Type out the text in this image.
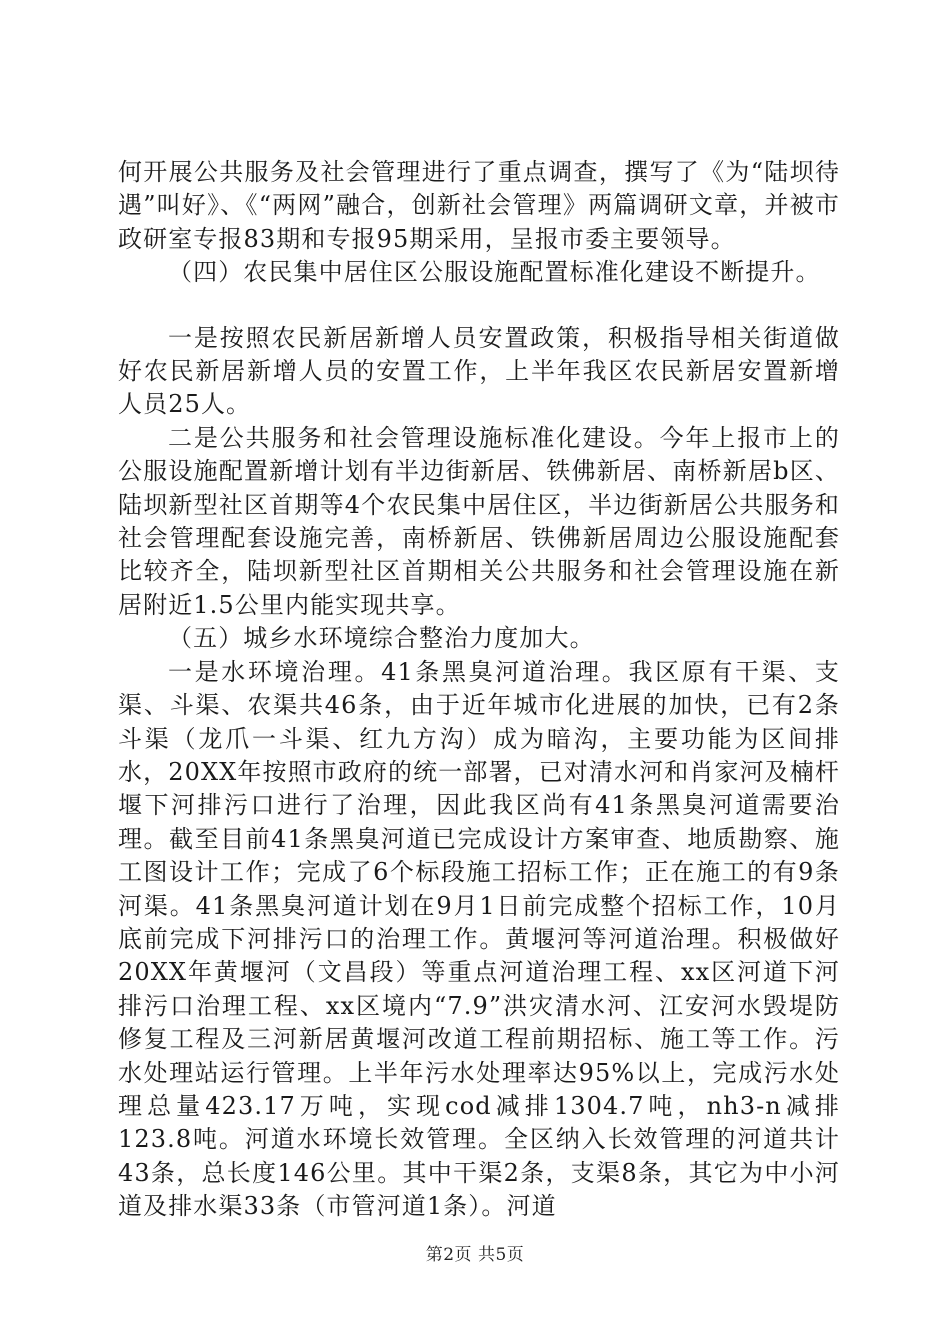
何开展公共服务及社会管理进行了重点调查，撰写了《为“陆坝待遇”叫好》、《“两网”融合，创新社会管理》两篇调研文章，并被市政研室专报83期和专报95期采用，呈报市委主要领导。

（四）农民集中居住区公服设施配置标准化建设不断提升。

一是按照农民新居新增人员安置政策，积极指导相关街道做好农民新居新增人员的安置工作，上半年我区农民新居安置新增人员25人。

二是公共服务和社会管理设施标准化建设。今年上报市上的公服设施配置新增计划有半边街新居、铁佛新居、南桥新居b区、陆坝新型社区首期等4个农民集中居住区，半边街新居公共服务和社会管理配套设施完善，南桥新居、铁佛新居周边公服设施配套比较齐全，陆坝新型社区首期相关公共服务和社会管理设施在新居附近1.5公里内能实现共享。

（五）城乡水环境综合整治力度加大。

一是水环境治理。41条黑臭河道治理。我区原有干渠、支渠、斗渠、农渠共46条，由于近年城市化进展的加快，已有2条斗渠（龙爪一斗渠、红九方沟）成为暗沟，主要功能为区间排水，20XX年按照市政府的统一部署，已对清水河和肖家河及楠杆堰下河排污口进行了治理，因此我区尚有41条黑臭河道需要治理。截至目前41条黑臭河道已完成设计方案审查、地质勘察、施工图设计工作；完成了6个标段施工招标工作；正在施工的有9条河渠。41条黑臭河道计划在9月1日前完成整个招标工作，10月底前完成下河排污口的治理工作。黄堰河等河道治理。积极做好20XX年黄堰河（文昌段）等重点河道治理工程、xx区河道下河排污口治理工程、xx区境内“7.9”洪灾清水河、江安河水毁堤防修复工程及三河新居黄堰河改道工程前期招标、施工等工作。污水处理站运行管理。上半年污水处理率达95%以上，完成污水处理总量423.17万吨，实现cod减排1304.7吨，nh3-n减排123.8吨。河道水环境长效管理。全区纳入长效管理的河道共计43条，总长度146公里。其中干渠2条，支渠8条，其它为中小河道及排水渠33条（市管河道1条）。河道

第2页 共5页
